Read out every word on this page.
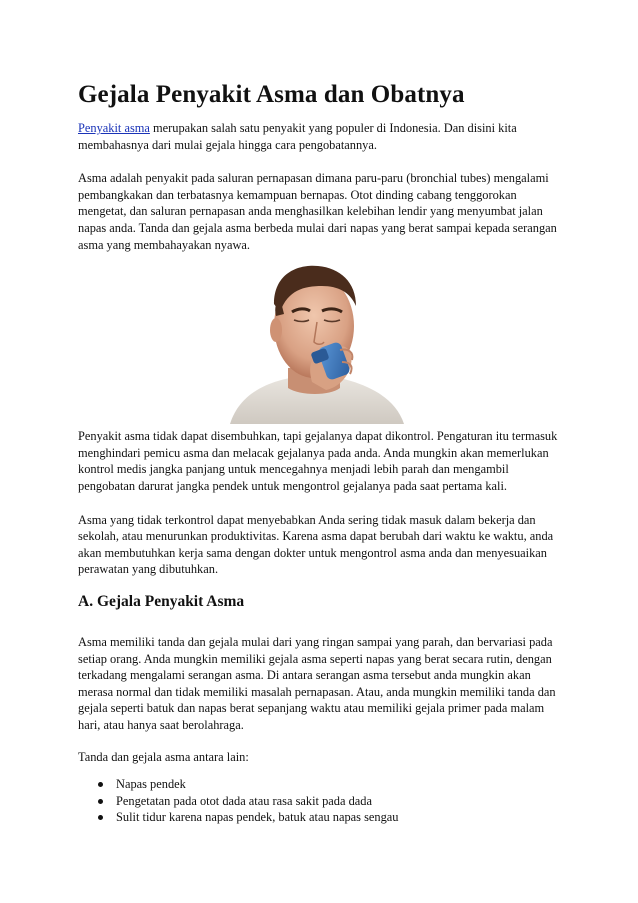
Gejala Penyakit Asma dan Obatnya

Penyakit asma merupakan salah satu penyakit yang populer di Indonesia. Dan disini kita membahasnya dari mulai gejala hingga cara pengobatannya.

Asma adalah penyakit pada saluran pernapasan dimana paru-paru (bronchial tubes) mengalami pembangkakan dan terbatasnya kemampuan bernapas. Otot dinding cabang tenggorokan mengetat, dan saluran pernapasan anda menghasilkan kelebihan lendir yang menyumbat jalan napas anda. Tanda dan gejala asma berbeda mulai dari napas yang berat sampai kepada serangan asma yang membahayakan nyawa.

Penyakit asma tidak dapat disembuhkan, tapi gejalanya dapat dikontrol. Pengaturan itu termasuk menghindari pemicu asma dan melacak gejalanya pada anda. Anda mungkin akan memerlukan kontrol medis jangka panjang untuk mencegahnya menjadi lebih parah dan mengambil pengobatan darurat jangka pendek untuk mengontrol gejalanya pada saat pertama kali.

Asma yang tidak terkontrol dapat menyebabkan Anda sering tidak masuk dalam bekerja dan sekolah, atau menurunkan produktivitas. Karena asma dapat berubah dari waktu ke waktu, anda akan membutuhkan kerja sama dengan dokter untuk mengontrol asma anda dan menyesuaikan perawatan yang dibutuhkan.

A. Gejala Penyakit Asma

Asma memiliki tanda dan gejala mulai dari yang ringan sampai yang parah, dan bervariasi pada setiap orang. Anda mungkin memiliki gejala asma seperti napas yang berat secara rutin, dengan terkadang mengalami serangan asma. Di antara serangan asma tersebut anda mungkin akan merasa normal dan tidak memiliki masalah pernapasan. Atau, anda mungkin memiliki tanda dan gejala seperti batuk dan napas berat sepanjang waktu atau memiliki gejala primer pada malam hari, atau hanya saat berolahraga.

Tanda dan gejala asma antara lain:

Napas pendek
Pengetatan pada otot dada atau rasa sakit pada dada
Sulit tidur karena napas pendek, batuk atau napas sengau
